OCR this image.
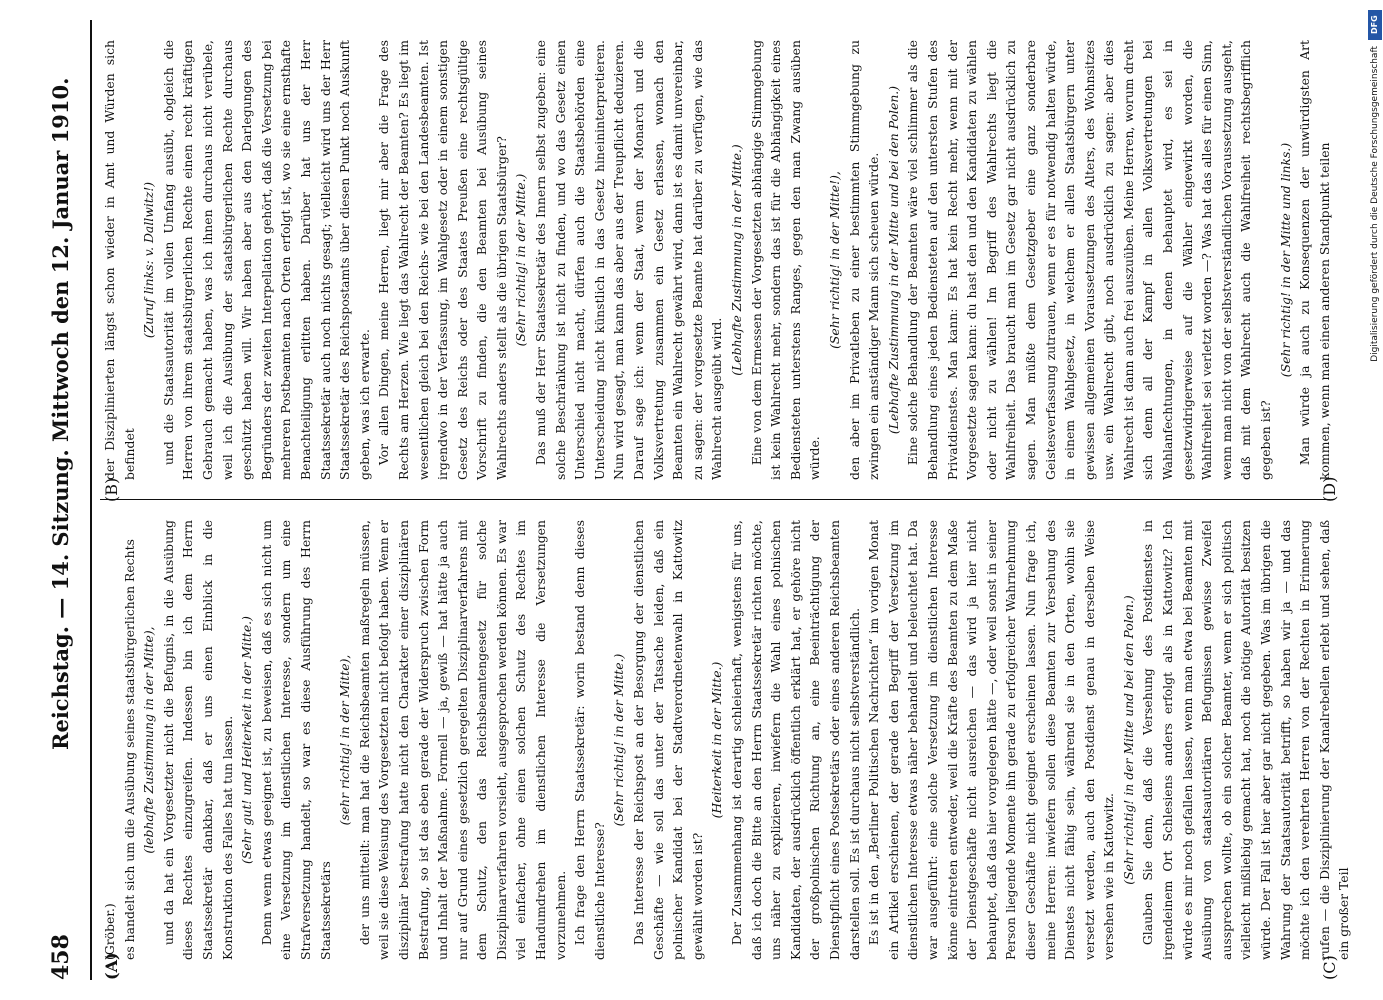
458
Reichstag. — 14. Sitzung. Mittwoch den 12. Januar 1910.
(A)
(B)
(C)
(D)

(Gröber.) es handelt sich um die Ausübung seines staatsbürgerlichen Rechts (lebhafte Zustimmung in der Mitte), und da hat ein Vorgesetzter nicht die Befugnis, in die Ausübung dieses Rechtes einzugreifen. Indessen bin ich dem Herrn Staatssekretär dankbar, daß er uns einen Einblick in die Konstruktion des Falles hat tun lassen. (Sehr gut! und Heiterkeit in der Mitte.) Denn wenn etwas geeignet ist, zu beweisen, daß es sich nicht um eine Versetzung im dienstlichen Interesse, sondern um eine Strafversetzung handelt, so war es diese Ausführung des Herrn Staatssekretärs

(sehr richtig! in der Mitte), der uns mitteilt: man hat die Reichsbeamten maßregeln müssen, weil sie diese Weisung des Vorgesetzten nicht befolgt haben. Wenn er disziplinär bestrafung hatte nicht den Charakter einer disziplinären Bestrafung, so ist das eben gerade der Widerspruch zwischen Form und Inhalt der Maßnahme. Formell — ja, gewiß — hat hätte ja auch nur auf Grund eines gesetzlich geregelten Disziplinarverfahrens mit dem Schutz, den das Reichsbeamtengesetz für solche Disziplinarverfahren vorsieht, ausgesprochen werden können. Es war viel einfacher, ohne einen solchen Schutz des Rechtes im Handumdrehen im dienstlichen Interesse die Versetzungen vorzunehmen. Ich frage den Herrn Staatssekretär: worin bestand denn dieses dienstliche Interesse?

(Sehr richtig! in der Mitte.) Das Interesse der Reichspost an der Besorgung der dienstlichen Geschäfte — wie soll das unter der Tatsache leiden, daß ein polnischer Kandidat bei der Stadtverordnetenwahl in Kattowitz gewählt worden ist?

(Heiterkeit in der Mitte.) Der Zusammenhang ist derartig schleierhaft, wenigstens für uns, daß ich doch die Bitte an den Herrn Staatssekretär richten möchte, uns näher zu explizieren, inwiefern die Wahl eines polnischen Kandidaten, der ausdrücklich öffentlich erklärt hat, er gehöre nicht der großpolnischen Richtung an, eine Beeinträchtigung der Dienstpflicht eines Postsekretärs oder eines anderen Reichsbeamten darstellen soll. Es ist durchaus nicht selbstverständlich. Es ist in den „Berliner Politischen Nachrichten“ im vorigen Monat ein Artikel erschienen, der gerade den Begriff der Versetzung im dienstlichen Interesse etwas näher behandelt und beleuchtet hat. Da war ausgeführt: eine solche Versetzung im dienstlichen Interesse könne eintreten entweder, weil die Kräfte des Beamten zu dem Maße der Dienstgeschäfte nicht ausreichen — das wird ja hier nicht behauptet, daß das hier vorgelegen hätte —, oder weil sonst in seiner Person liegende Momente ihn gerade zu erfolgreicher Wahrnehmung dieser Geschäfte nicht geeignet erscheinen lassen. Nun frage ich, meine Herren: inwiefern sollen diese Beamten zur Versehung des Dienstes nicht fähig sein, während sie in den Orten, wohin sie versetzt werden, auch den Postdienst genau in derselben Weise versehen wie in Kattowitz. (Sehr richtig! in der Mitte und bei den Polen.) Glauben Sie denn, daß die Versehung des Postdienstes in irgendeinem Ort Schlesiens anders erfolgt als in Kattowitz? Ich würde es mir noch gefallen lassen, wenn man etwa bei Beamten mit Ausübung von staatsautoritären Befugnissen gewisse Zweifel aussprechen wollte, ob ein solcher Beamter, wenn er sich politisch vielleicht mißliebig gemacht hat, noch die nötige Autorität besitzen würde. Der Fall ist hier aber gar nicht gegeben. Was im übrigen die Wahrung der Staatsautorität betrifft, so haben wir ja — und das möchte ich den verehrten Herren von der Rechten in Erinnerung rufen — die Disziplinierung der Kanalrebellen erlebt und sehen, daß ein großer Teil

der Disziplinierten längst schon wieder in Amt und Würden sich befindet

(Zuruf links: v. Dallwitz!) und die Staatsautorität im vollen Umfang ausübt, obgleich die Herren von ihrem staatsbürgerlichen Rechte einen recht kräftigen Gebrauch gemacht haben, was ich ihnen durchaus nicht verübele, weil ich die Ausübung der staatsbürgerlichen Rechte durchaus geschützt haben will. Wir haben aber aus den Darlegungen des Begründers der zweiten Interpellation gehört, daß die Versetzung bei mehreren Postbeamten nach Orten erfolgt ist, wo sie eine ernsthafte Benachteiligung erlitten haben. Darüber hat uns der Herr Staatssekretär auch noch nichts gesagt; vielleicht wird uns der Herr Staatssekretär des Reichspostamts über diesen Punkt noch Auskunft geben, was ich erwarte. Vor allen Dingen, meine Herren, liegt mir aber die Frage des Rechts am Herzen. Wie liegt das Wahlrecht der Beamten? Es liegt im wesentlichen gleich bei den Reichs- wie bei den Landesbeamten. Ist irgendwo in der Verfassung, im Wahlgesetz oder in einem sonstigen Gesetz des Reichs oder des Staates Preußen eine rechtsgültige Vorschrift zu finden, die den Beamten bei Ausübung seines Wahlrechts anders stellt als die übrigen Staatsbürger? (Sehr richtig! in der Mitte.) Das muß der Herr Staatssekretär des Innern selbst zugeben: eine solche Beschränkung ist nicht zu finden, und wo das Gesetz einen Unterschied nicht macht, dürfen auch die Staatsbehörden eine Unterscheidung nicht künstlich in das Gesetz hineininterpretieren. Nun wird gesagt, man kann das aber aus der Treupflicht deduzieren. Darauf sage ich: wenn der Staat, wenn der Monarch und die Volksvertretung zusammen ein Gesetz erlassen, wonach den Beamten ein Wahlrecht gewährt wird, dann ist es damit unvereinbar, zu sagen: der vorgesetzte Beamte hat darüber zu verfügen, wie das Wahlrecht ausgeübt wird.

(Lebhafte Zustimmung in der Mitte.) Eine von dem Ermessen der Vorgesetzten abhängige Stimmgebung ist kein Wahlrecht mehr, sondern das ist für die Abhängigkeit eines Bediensteten unterstens Ranges, gegen den man Zwang ausüben würde.

(Sehr richtig! in der Mitte!), den aber im Privatleben zu einer bestimmten Stimmgebung zu zwingen ein anständiger Mann sich scheuen würde. (Lebhafte Zustimmung in der Mitte und bei den Polen.) Eine solche Behandlung der Beamten wäre viel schlimmer als die Behandlung eines jeden Bediensteten auf den untersten Stufen des Privatdienstes. Man kann: Es hat kein Recht mehr, wenn mit der Vorgesetzte sagen kann: du hast den und den Kandidaten zu wählen oder nicht zu wählen! Im Begriff des Wahlrechts liegt die Wahlfreiheit. Das braucht man im Gesetz gar nicht ausdrücklich zu sagen. Man müßte dem Gesetzgeber eine ganz sonderbare Geistesverfassung zutrauen, wenn er es für notwendig halten würde, in einem Wahlgesetz, in welchem er allen Staatsbürgern unter gewissen allgemeinen Voraussetzungen des Alters, des Wohnsitzes usw. ein Wahlrecht gibt, noch ausdrücklich zu sagen: aber dies Wahlrecht ist dann auch frei auszuüben. Meine Herren, worum dreht sich denn all der Kampf in allen Volksvertretungen bei Wahlanfechtungen, in denen behauptet wird, es sei in gesetzwidrigerweise auf die Wähler eingewirkt worden, die Wahlfreiheit sei verletzt worden —? Was hat das alles für einen Sinn, wenn man nicht von der selbstverständlichen Voraussetzung ausgeht, daß mit dem Wahlrecht auch die Wahlfreiheit rechtsbegrifflich gegeben ist?

(Sehr richtig! in der Mitte und links.) Man würde ja auch zu Konsequenzen der unwürdigsten Art kommen, wenn man einen anderen Standpunkt teilen

DFG
Digitalisierung gefördert durch die Deutsche Forschungsgemeinschaft
